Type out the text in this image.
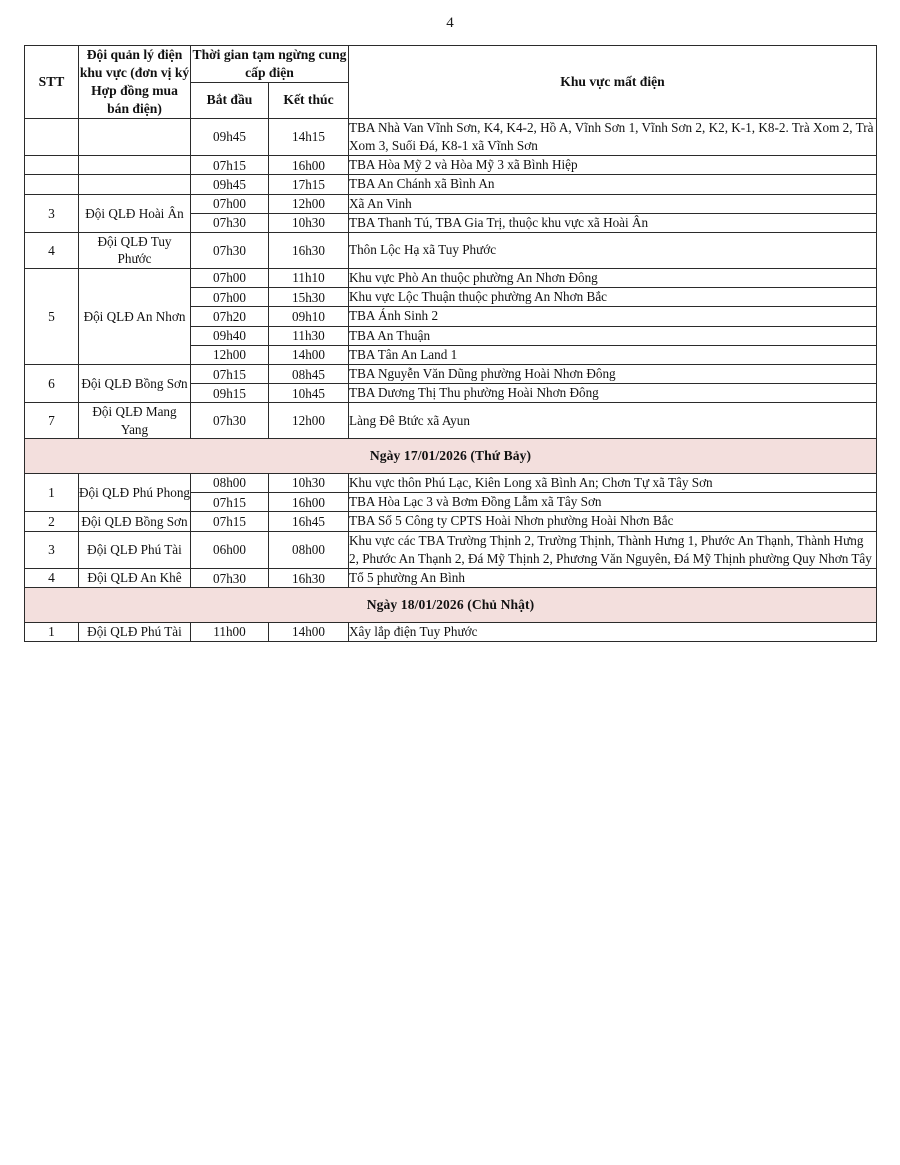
4
STT	Đội quản lý điện khu vực (đơn vị ký Hợp đồng mua bán điện)	Thời gian tạm ngừng cung cấp điện		Khu vực mất điện
		Bắt đầu	Kết thúc	

		09h45	14h15	TBA Nhà Van Vĩnh Sơn, K4, K4-2, Hồ A, Vĩnh Sơn 1, Vĩnh Sơn 2, K2, K-1, K8-2. Trà Xom 2, Trà Xom 3, Suối Đá, K8-1 xã Vĩnh Sơn
		07h15	16h00	TBA Hòa Mỹ 2 và Hòa Mỹ 3 xã Bình Hiệp
		09h45	17h15	TBA An Chánh xã Bình An
3	Đội QLĐ Hoài Ân	07h00	12h00	Xã An Vinh
		07h30	10h30	TBA Thanh Tú, TBA Gia Trị, thuộc khu vực xã Hoài Ân
4	Đội QLĐ Tuy Phước	07h30	16h30	Thôn Lộc Hạ xã Tuy Phước
5	Đội QLĐ An Nhơn	07h00	11h10	Khu vực Phò An thuộc phường An Nhơn Đông
		07h00	15h30	Khu vực Lộc Thuận thuộc phường An Nhơn Bắc
		07h20	09h10	TBA Ánh Sinh 2
		09h40	11h30	TBA An Thuận
		12h00	14h00	TBA Tân An Land 1
6	Đội QLĐ Bồng Sơn	07h15	08h45	TBA Nguyễn Văn Dũng phường Hoài Nhơn Đông
		09h15	10h45	TBA Dương Thị Thu phường Hoài Nhơn Đông
7	Đội QLĐ Mang Yang	07h30	12h00	Làng Đê Btức xã Ayun
Ngày 17/01/2026 (Thứ Bảy)				
1	Đội QLĐ Phú Phong	08h00	10h30	Khu vực thôn Phú Lạc, Kiên Long xã Bình An; Chơn Tự xã Tây Sơn
		07h15	16h00	TBA Hòa Lạc 3 và Bơm Đồng Lẫm xã Tây Sơn
2	Đội QLĐ Bồng Sơn	07h15	16h45	TBA Số 5 Công ty CPTS Hoài Nhơn phường Hoài Nhơn Bắc
3	Đội QLĐ Phú Tài	06h00	08h00	Khu vực các TBA Trường Thịnh 2, Trường Thịnh, Thành Hưng 1, Phước An Thạnh, Thành Hưng 2, Phước An Thạnh 2, Đá Mỹ Thịnh 2, Phương Văn Nguyên, Đá Mỹ Thịnh phường Quy Nhơn Tây
4	Đội QLĐ An Khê	07h30	16h30	Tổ 5 phường An Bình
Ngày 18/01/2026 (Chủ Nhật)				
1	Đội QLĐ Phú Tài	11h00	14h00	Xây lắp điện Tuy Phước
